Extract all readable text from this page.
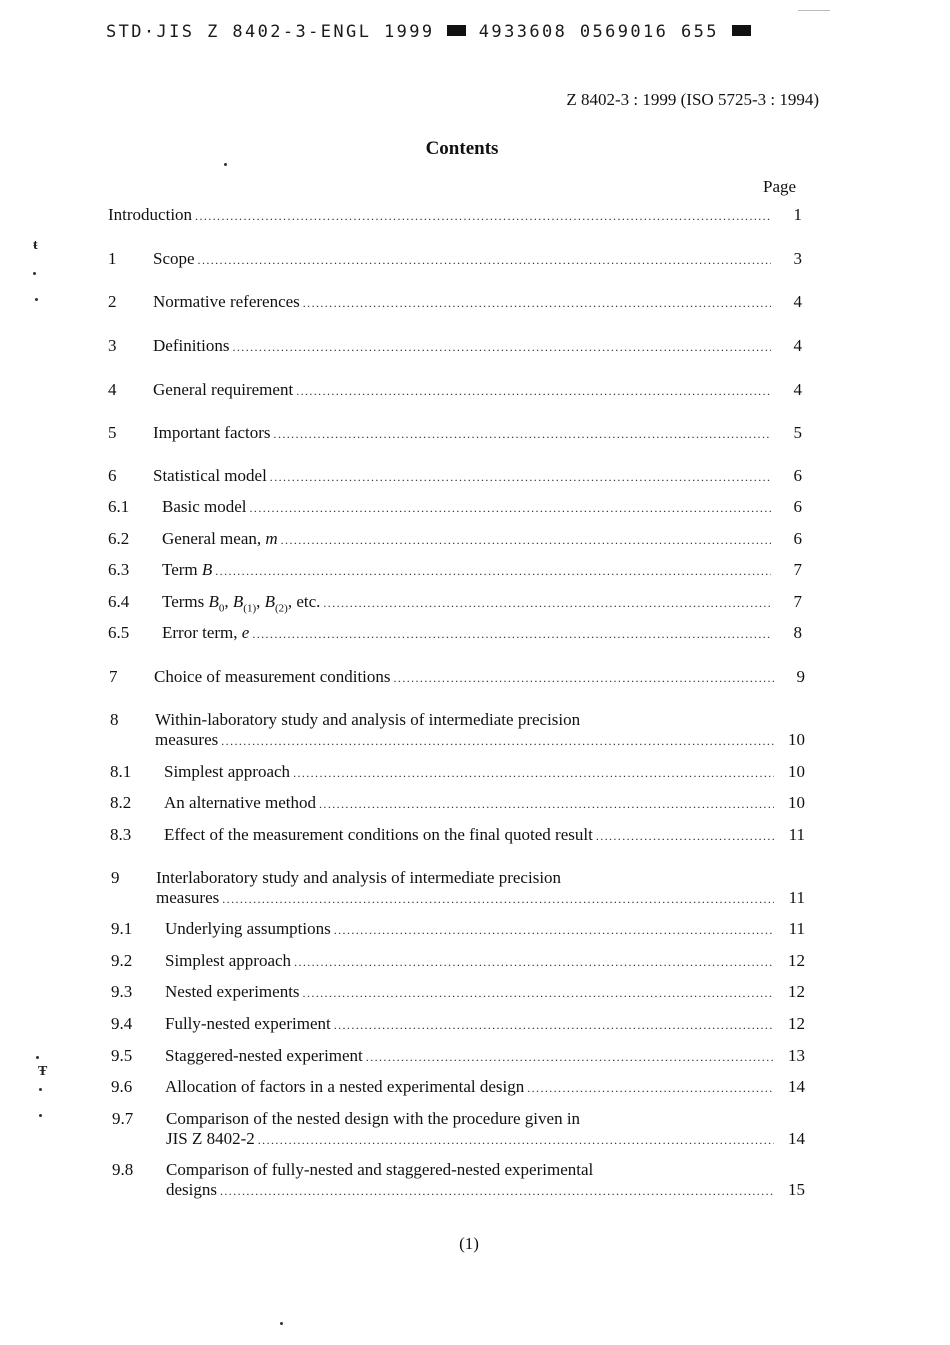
STD·JIS Z 8402-3-ENGL 1999	4933608 0569016 655
Z 8402-3 : 1999 (ISO 5725-3 : 1994)
Contents
Page
Introduction .....	1
1 Scope .....	3
2 Normative references .....	4
3 Definitions .....	4
4 General requirement .....	4
5 Important factors .....	5
6 Statistical model .....	6
6.1 Basic model .....	6
6.2 General mean, m .....	6
6.3 Term B .....	7
6.4 Terms $B_0$, $B_{(1)}$, $B_{(2)}$, etc. .....	7
6.5 Error term, e .....	8
7 Choice of measurement conditions .....	9
8 Within-laboratory study and analysis of intermediate precision
measures .....	10
8.1 Simplest approach .....	10
8.2 An alternative method .....	10
8.3 Effect of the measurement conditions on the final quoted result .....	11
9 Interlaboratory study and analysis of intermediate precision
measures .....	11
9.1 Underlying assumptions .....	11
9.2 Simplest approach .....	12
9.3 Nested experiments .....	12
9.4 Fully-nested experiment .....	12
9.5 Staggered-nested experiment .....	13
9.6 Allocation of factors in a nested experimental design .....	14
9.7 Comparison of the nested design with the procedure given in
JIS Z 8402-2 .....	14
9.8 Comparison of fully-nested and staggered-nested experimental
designs .....	15
ŧ
Ŧ
(1)
